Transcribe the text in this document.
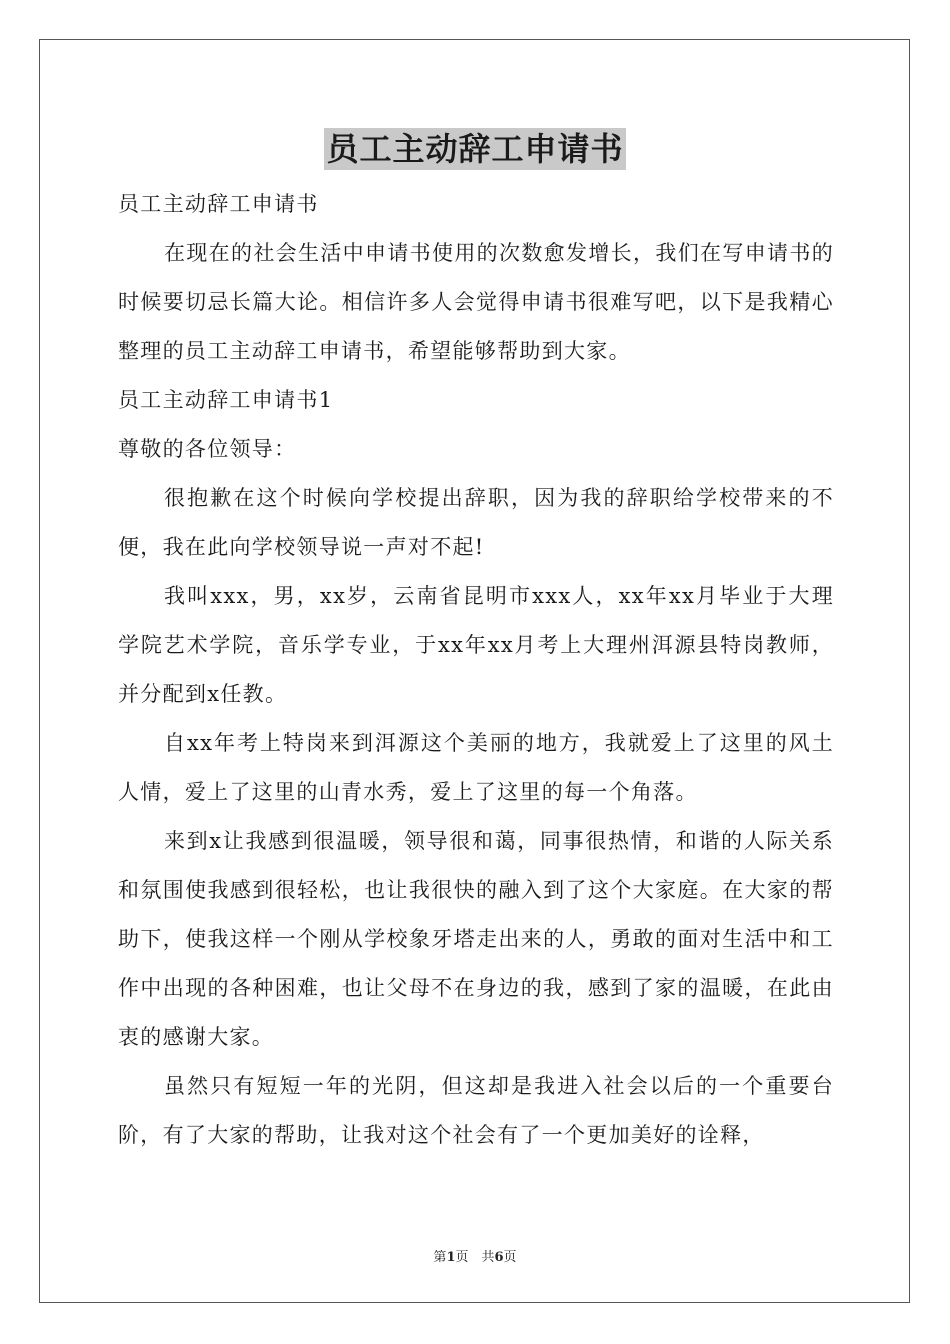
员工主动辞工申请书

员工主动辞工申请书

在现在的社会生活中申请书使用的次数愈发增长，我们在写申请书的时候要切忌长篇大论。相信许多人会觉得申请书很难写吧，以下是我精心整理的员工主动辞工申请书，希望能够帮助到大家。

员工主动辞工申请书1

尊敬的各位领导：

很抱歉在这个时候向学校提出辞职，因为我的辞职给学校带来的不便，我在此向学校领导说一声对不起!

我叫xxx，男，xx岁，云南省昆明市xxx人，xx年xx月毕业于大理学院艺术学院，音乐学专业，于xx年xx月考上大理州洱源县特岗教师，并分配到x任教。

自xx年考上特岗来到洱源这个美丽的地方，我就爱上了这里的风土人情，爱上了这里的山青水秀，爱上了这里的每一个角落。

来到x让我感到很温暖，领导很和蔼，同事很热情，和谐的人际关系和氛围使我感到很轻松，也让我很快的融入到了这个大家庭。在大家的帮助下，使我这样一个刚从学校象牙塔走出来的人，勇敢的面对生活中和工作中出现的各种困难，也让父母不在身边的我，感到了家的温暖，在此由衷的感谢大家。

虽然只有短短一年的光阴，但这却是我进入社会以后的一个重要台阶，有了大家的帮助，让我对这个社会有了一个更加美好的诠释，

第1页　共6页
